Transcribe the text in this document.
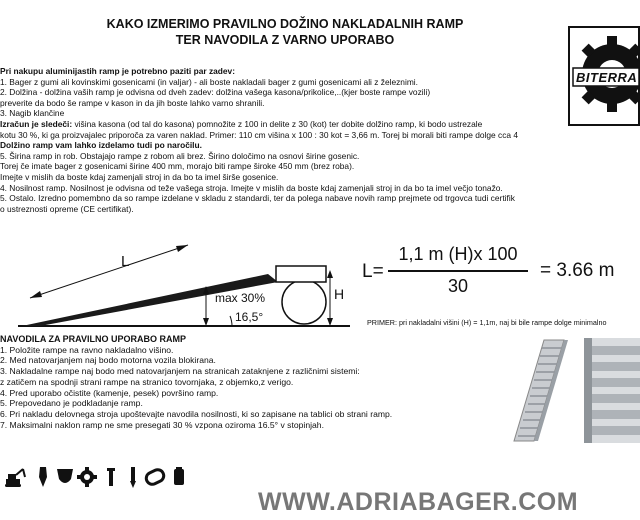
KAKO IZMERIMO PRAVILNO DOŽINO NAKLADALNIH RAMP
TER NAVODILA Z VARNO UPORABO
BITERRA
Pri nakupu aluminijastih ramp je potrebno paziti par zadev:
1. Bager z gumi ali kovinskimi gosenicami (in valjar) - ali boste nakladali bager z gumi gosenicami ali z železnimi.
2. Dolžina - dolžina vaših ramp je odvisna od dveh zadev: dolžina vašega kasona/prikolice,..(kjer boste rampe vozili)
preverite da bodo še rampe v kason in da jih boste lahko varno shranili.
3. Nagib klančine
Izračun je sledeči: višina kasona (od tal do kasona) pomnožite z 100 in delite z 30 (kot) ter dobite dolžino ramp, ki bodo ustrezale
kotu 30 %, ki ga proizvajalec priporoča za varen naklad. Primer: 110 cm višina x 100 : 30 kot = 3,66 m. Torej bi morali biti rampe dolge cca 4
Dolžino ramp vam lahko izdelamo tudi po naročilu.
5. Širina ramp in rob. Obstajajo rampe z robom ali brez. Širino določimo na osnovi širine gosenic.
Torej če imate bager z gosenicami širine 400 mm, morajo biti rampe široke 450 mm (brez roba).
Imejte v mislih da boste kdaj zamenjali stroj in da bo ta imel širše gosenice.
4. Nosilnost ramp. Nosilnost je odvisna od teže vašega stroja. Imejte v mislih da boste kdaj zamenjali stroj in da bo ta imel večjo tonažo.
5. Ostalo. Izredno pomembno da so rampe izdelane v skladu z standardi, ter da polega nabave novih ramp prejmete od trgovca tudi certifik
o ustreznosti opreme (CE certifikat).
L
BITERRA max 30%
16,5°
H
L=
1,1 m (H)x 100
30
= 3.66 m
PRIMER: pri nakladalni višini (H) = 1,1m, naj bi bile rampe dolge minimalno
NAVODILA ZA PRAVILNO UPORABO RAMP
1. Položite rampe na ravno nakladalno višino.
2. Med natovarjanjem naj bodo motorna vozila blokirana.
3. Nakladalne rampe naj bodo med natovarjanjem na stranicah zataknjene z različnimi sistemi:
z zatičem na spodnji strani rampe na stranico tovornjaka, z objemko,z verigo.
4. Pred uporabo očistite (kamenje, pesek) površino ramp.
5. Prepovedano je podkladanje ramp.
6. Pri nakladu delovnega stroja upoštevajte navodila nosilnosti, ki so zapisane na tablici ob strani ramp.
7. Maksimalni naklon ramp ne sme presegati 30 % vzpona oziroma 16.5° v stopinjah.
WWW.ADRIABAGER.COM
